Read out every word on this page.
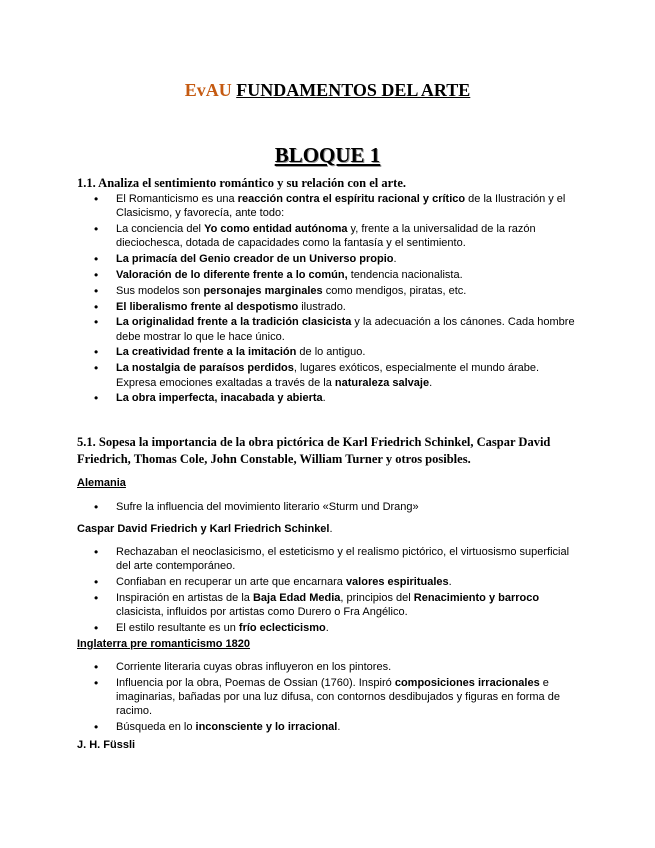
EvAU FUNDAMENTOS DEL ARTE
BLOQUE 1
1.1. Analiza el sentimiento romántico y su relación con el arte.
• El Romanticismo es una reacción contra el espíritu racional y crítico de la Ilustración y el Clasicismo, y favorecía, ante todo:
• La conciencia del Yo como entidad autónoma y, frente a la universalidad de la razón dieciochesca, dotada de capacidades como la fantasía y el sentimiento.
• La primacía del Genio creador de un Universo propio.
• Valoración de lo diferente frente a lo común, tendencia nacionalista.
• Sus modelos son personajes marginales como mendigos, piratas, etc.
• El liberalismo frente al despotismo ilustrado.
• La originalidad frente a la tradición clasicista y la adecuación a los cánones. Cada hombre debe mostrar lo que le hace único.
• La creatividad frente a la imitación de lo antiguo.
• La nostalgia de paraísos perdidos, lugares exóticos, especialmente el mundo árabe. Expresa emociones exaltadas a través de la naturaleza salvaje.
• La obra imperfecta, inacabada y abierta.
5.1. Sopesa la importancia de la obra pictórica de Karl Friedrich Schinkel, Caspar David Friedrich, Thomas Cole, John Constable, William Turner y otros posibles.
Alemania
• Sufre la influencia del movimiento literario «Sturm und Drang»
Caspar David Friedrich y Karl Friedrich Schinkel.
• Rechazaban el neoclasicismo, el esteticismo y el realismo pictórico, el virtuosismo superficial del arte contemporáneo.
• Confiaban en recuperar un arte que encarnara valores espirituales.
• Inspiración en artistas de la Baja Edad Media, principios del Renacimiento y barroco clasicista, influidos por artistas como Durero o Fra Angélico.
• El estilo resultante es un frío eclecticismo.
Inglaterra pre romanticismo 1820
• Corriente literaria cuyas obras influyeron en los pintores.
• Influencia por la obra, Poemas de Ossian (1760). Inspiró composiciones irracionales e imaginarias, bañadas por una luz difusa, con contornos desdibujados y figuras en forma de racimo.
• Búsqueda en lo inconsciente y lo irracional.
J. H. Füssli
